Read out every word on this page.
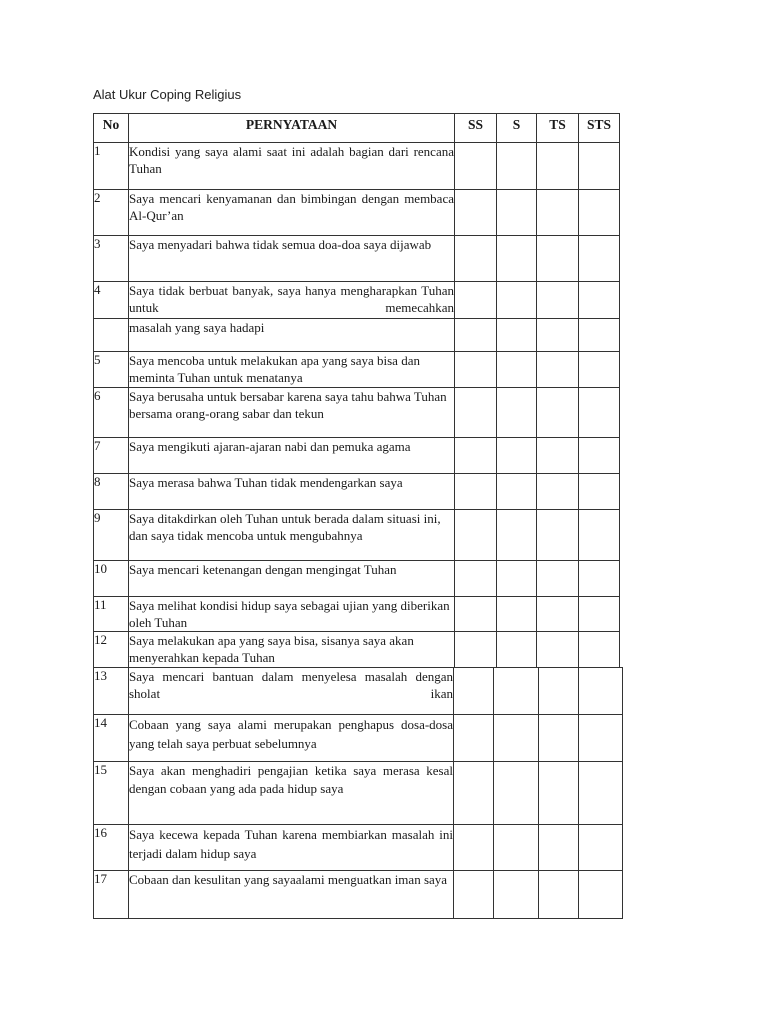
Alat Ukur Coping Religius
No	PERNYATAAN	SS	S	TS	STS
1	Kondisi yang saya alami saat ini adalah bagian dari rencana Tuhan				
2	Saya mencari kenyamanan dan bimbingan dengan membaca Al-Qur’an				
3	Saya menyadari bahwa tidak semua doa-doa saya dijawab				
4	Saya tidak berbuat banyak, saya hanya mengharapkan Tuhan untuk memecahkan				
	masalah yang saya hadapi				
5	Saya mencoba untuk melakukan apa yang saya bisa dan meminta Tuhan untuk menatanya				
6	Saya berusaha untuk bersabar karena saya tahu bahwa Tuhan bersama orang-orang sabar dan tekun				
7	Saya mengikuti ajaran-ajaran nabi dan pemuka agama				
8	Saya merasa bahwa Tuhan tidak mendengarkan saya				
9	Saya ditakdirkan oleh Tuhan untuk berada dalam situasi ini, dan saya tidak mencoba untuk mengubahnya				
10	Saya mencari ketenangan dengan mengingat Tuhan				
11	Saya melihat kondisi hidup saya sebagai ujian yang diberikan oleh Tuhan				
12	Saya melakukan apa yang saya bisa, sisanya saya akan menyerahkan kepada Tuhan				
13	Saya mencari bantuan dalam menyelesa masalah dengan sholat ikan				
14	Cobaan yang saya alami merupakan penghapus dosa-dosa yang telah saya perbuat sebelumnya				
15	Saya akan menghadiri pengajian ketika saya merasa kesal dengan cobaan yang ada pada hidup saya				
16	Saya kecewa kepada Tuhan karena membiarkan masalah ini terjadi dalam hidup saya				
17	Cobaan dan kesulitan yang sayaalami menguatkan iman saya				
